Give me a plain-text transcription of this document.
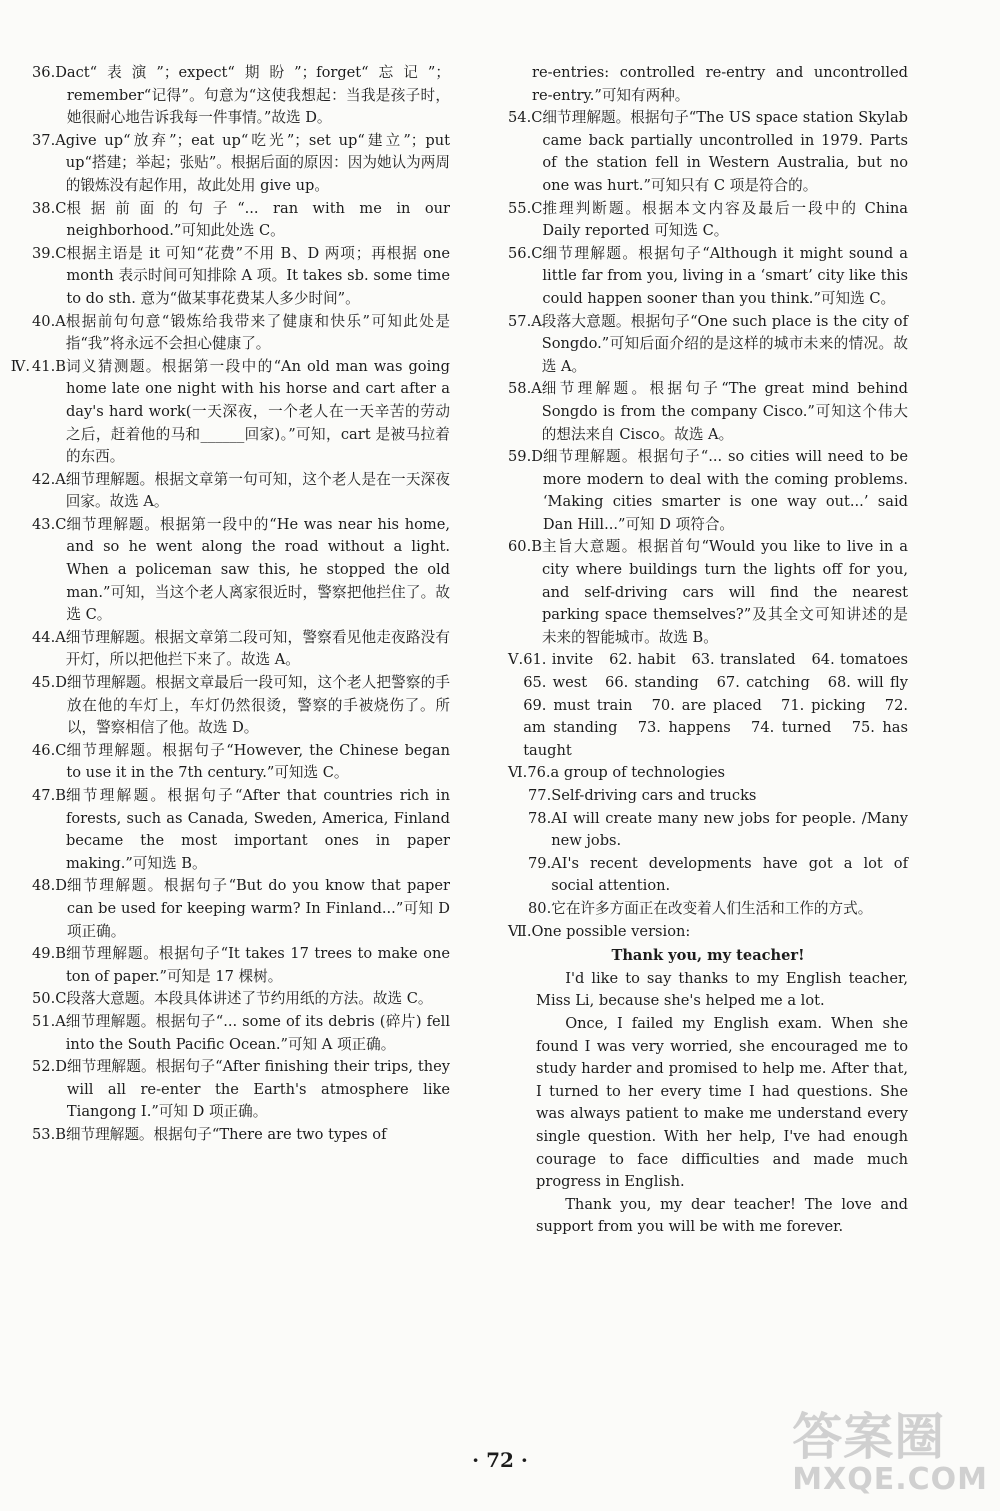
36.D act“表演”；expect“期盼”；forget“忘记”；remember“记得”。句意为“这使我想起：当我是孩子时，她很耐心地告诉我每一件事情。”故选 D。
37.A give up“放弃”；eat up“吃光”；set up“建立”；put up“搭建；举起；张贴”。根据后面的原因：因为她认为两周的锻炼没有起作用，故此处用 give up。
38.C 根据前面的句子“... ran with me in our neighborhood.”可知此处选 C。
39.C 根据主语是 it 可知“花费”不用 B、D 两项；再根据 one month 表示时间可知排除 A 项。It takes sb. some time to do sth. 意为“做某事花费某人多少时间”。
40.A 根据前句句意“锻炼给我带来了健康和快乐”可知此处是指“我”将永远不会担心健康了。
Ⅳ. 41.B 词义猜测题。根据第一段中的“An old man was going home late one night with his horse and cart after a day's hard work(一天深夜，一个老人在一天辛苦的劳动之后，赶着他的马和______回家)。”可知，cart 是被马拉着的东西。
42.A 细节理解题。根据文章第一句可知，这个老人是在一天深夜回家。故选 A。
43.C 细节理解题。根据第一段中的“He was near his home, and so he went along the road without a light. When a policeman saw this, he stopped the old man.”可知，当这个老人离家很近时，警察把他拦住了。故选 C。
44.A 细节理解题。根据文章第二段可知，警察看见他走夜路没有开灯，所以把他拦下来了。故选 A。
45.D 细节理解题。根据文章最后一段可知，这个老人把警察的手放在他的车灯上，车灯仍然很烫，警察的手被烧伤了。所以，警察相信了他。故选 D。
46.C 细节理解题。根据句子“However, the Chinese began to use it in the 7th century.”可知选 C。
47.B 细节理解题。根据句子“After that countries rich in forests, such as Canada, Sweden, America, Finland became the most important ones in paper making.”可知选 B。
48.D 细节理解题。根据句子“But do you know that paper can be used for keeping warm? In Finland...”可知 D 项正确。
49.B 细节理解题。根据句子“It takes 17 trees to make one ton of paper.”可知是 17 棵树。
50.C 段落大意题。本段具体讲述了节约用纸的方法。故选 C。
51.A 细节理解题。根据句子“... some of its debris (碎片) fell into the South Pacific Ocean.”可知 A 项正确。
52.D 细节理解题。根据句子“After finishing their trips, they will all re-enter the Earth's atmosphere like Tiangong Ⅰ.”可知 D 项正确。
53.B 细节理解题。根据句子“There are two types of
re-entries: controlled re-entry and uncontrolled re-entry.”可知有两种。
54.C 细节理解题。根据句子“The US space station Skylab came back partially uncontrolled in 1979. Parts of the station fell in Western Australia, but no one was hurt.”可知只有 C 项是符合的。
55.C 推理判断题。根据本文内容及最后一段中的 China Daily reported 可知选 C。
56.C 细节理解题。根据句子“Although it might sound a little far from you, living in a ‘smart’ city like this could happen sooner than you think.”可知选 C。
57.A 段落大意题。根据句子“One such place is the city of Songdo.”可知后面介绍的是这样的城市未来的情况。故选 A。
58.A 细节理解题。根据句子“The great mind behind Songdo is from the company Cisco.”可知这个伟大的想法来自 Cisco。故选 A。
59.D 细节理解题。根据句子“... so cities will need to be more modern to deal with the coming problems. ‘Making cities smarter is one way out...’ said Dan Hill...”可知 D 项符合。
60.B 主旨大意题。根据首句“Would you like to live in a city where buildings turn the lights off for you, and self-driving cars will find the nearest parking space themselves?”及其全文可知讲述的是未来的智能城市。故选 B。
Ⅴ. 61. invite　62. habit　63. translated　64. tomatoes　65. west　66. standing　67. catching　68. will fly　69. must train　70. are placed　71. picking　72. am standing　73. happens　74. turned　75. has taught
Ⅵ. 76. a group of technologies
77. Self-driving cars and trucks
78. AI will create many new jobs for people. /Many new jobs.
79. AI's recent developments have got a lot of social attention.
80. 它在许多方面正在改变着人们生活和工作的方式。
Ⅶ. One possible version:
Thank you, my teacher!

I'd like to say thanks to my English teacher, Miss Li, because she's helped me a lot.

Once, I failed my English exam. When she found I was very worried, she encouraged me to study harder and promised to help me. After that, I turned to her every time I had questions. She was always patient to make me understand every single question. With her help, I've had enough courage to face difficulties and made much progress in English.

Thank you, my dear teacher! The love and support from you will be with me forever.

· 72 ·	答案圈
MXQE.COM
